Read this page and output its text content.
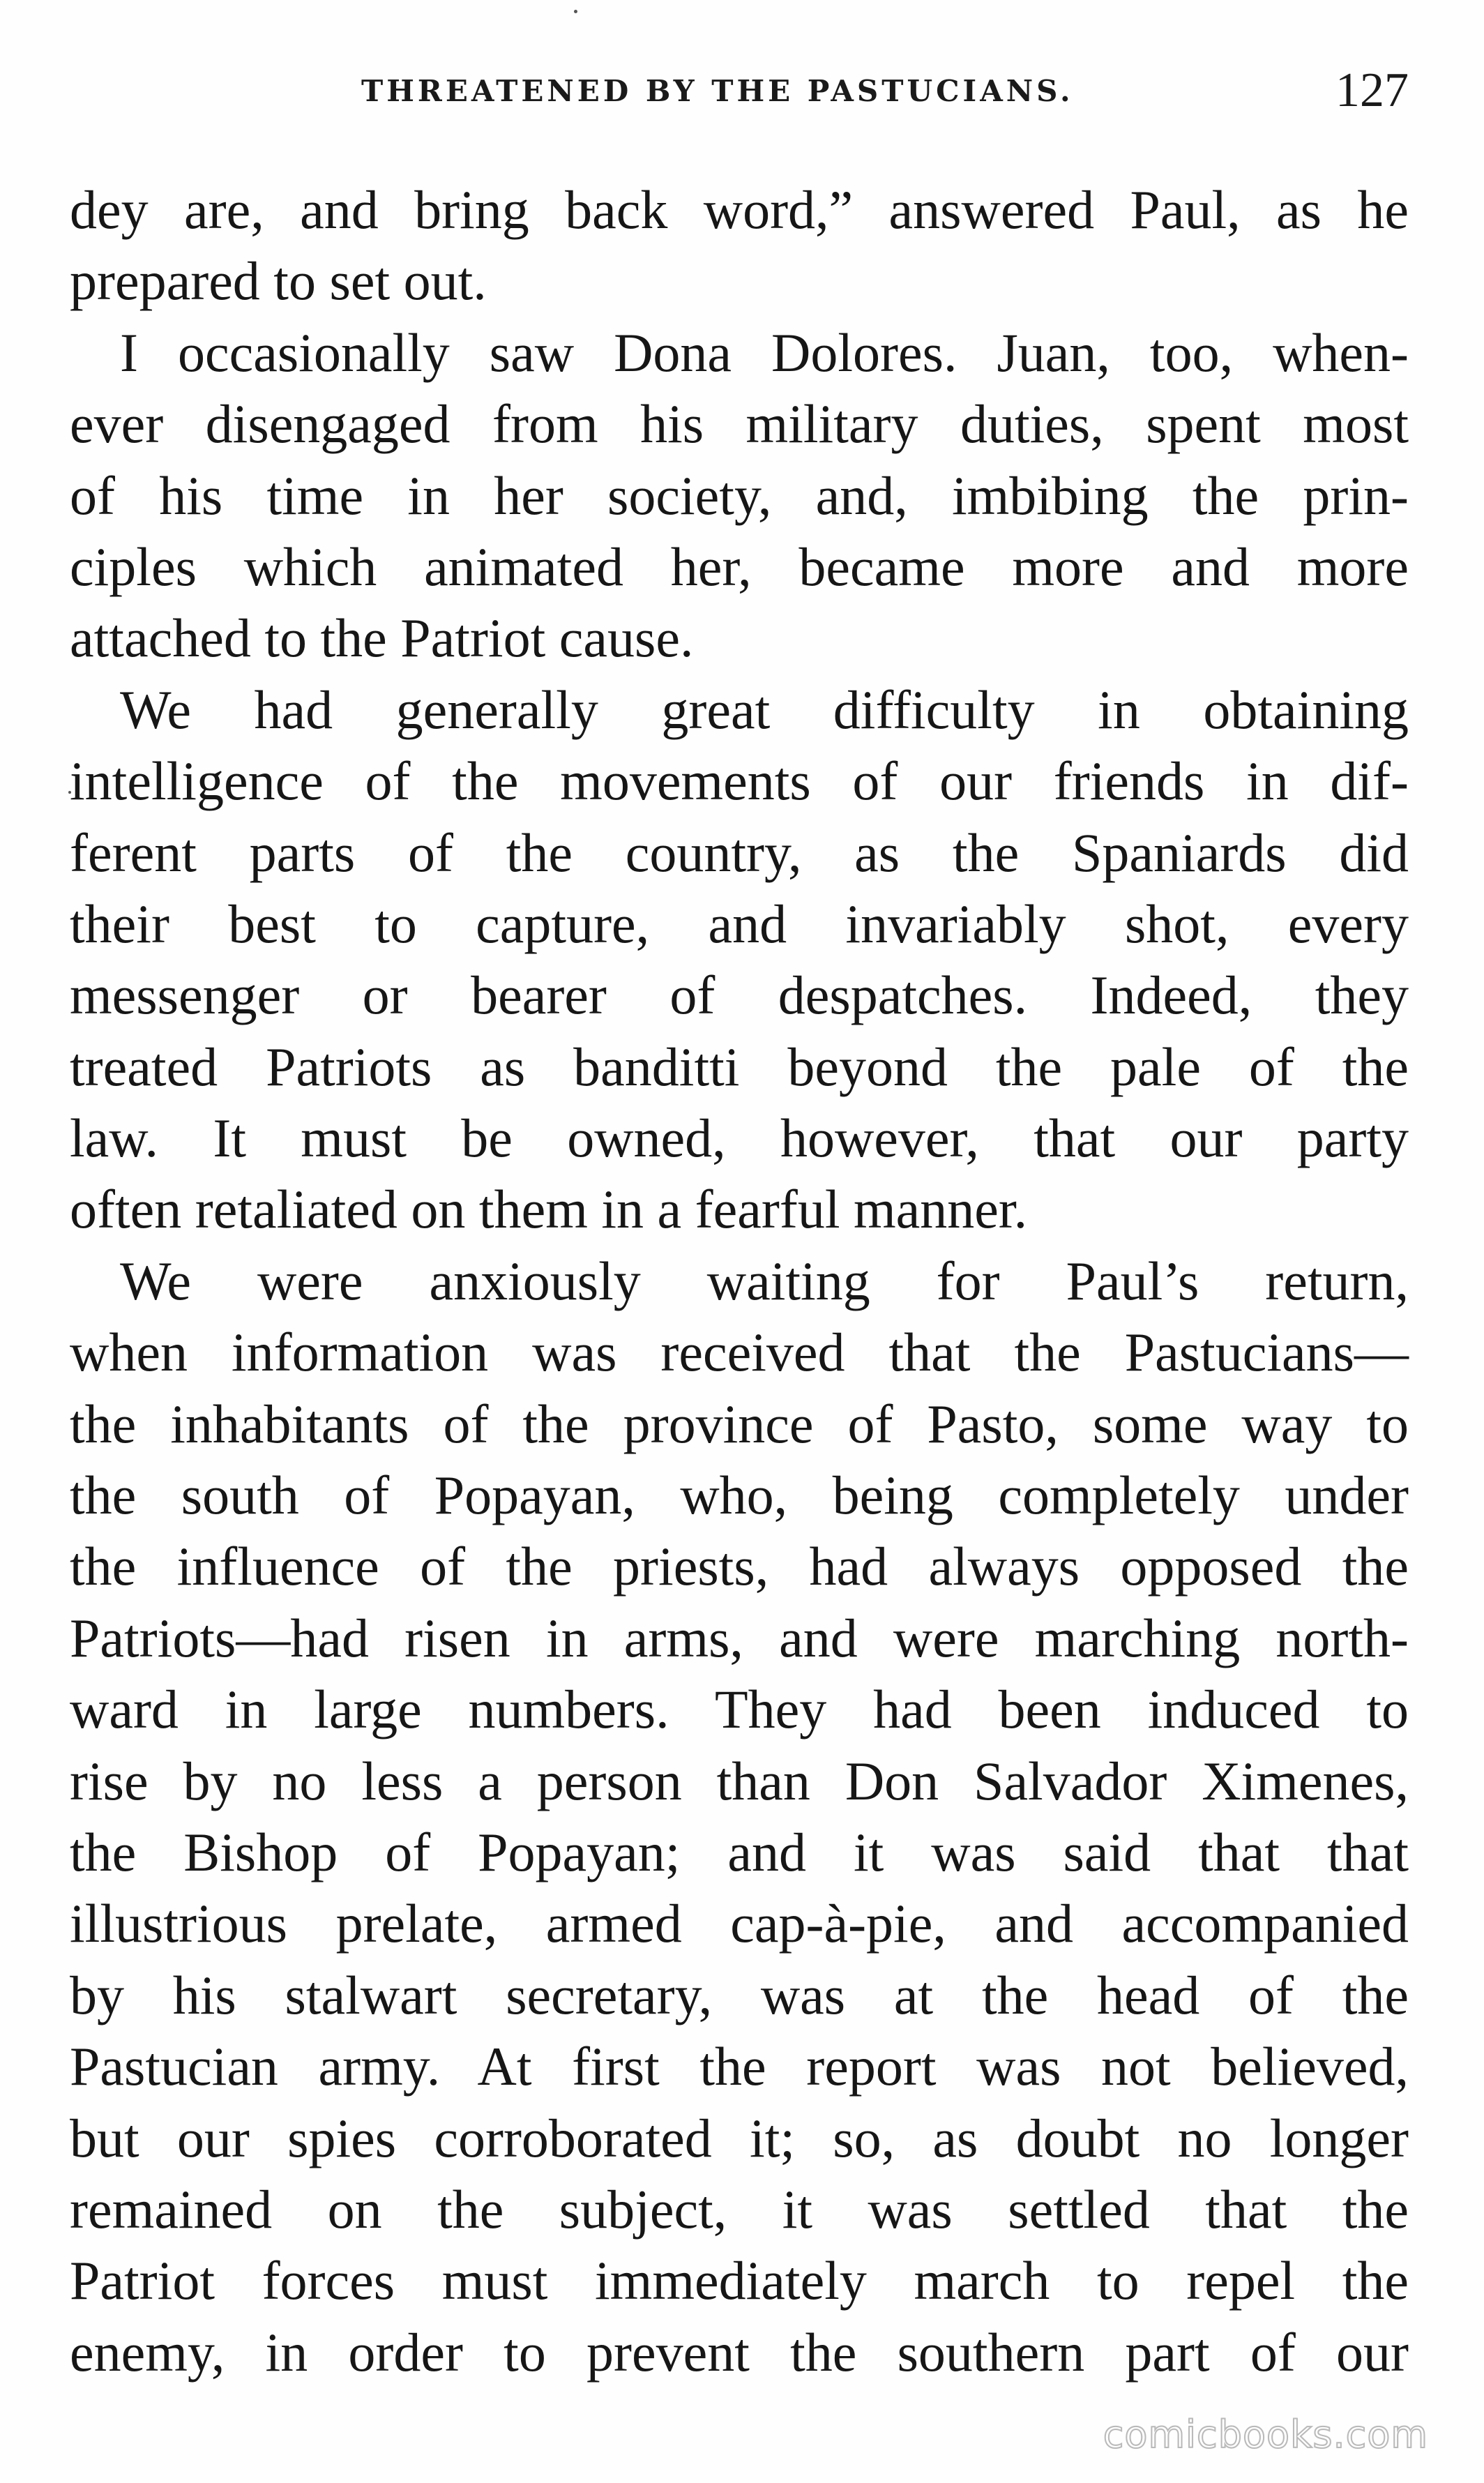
THREATENED BY THE PASTUCIANS.	127
dey are, and bring back word,” answered Paul, as he
prepared to set out.
I occasionally saw Dona Dolores. Juan, too, when-
ever disengaged from his military duties, spent most
of his time in her society, and, imbibing the prin-
ciples which animated her, became more and more
attached to the Patriot cause.
We had generally great difficulty in obtaining
intelligence of the movements of our friends in dif-
ferent parts of the country, as the Spaniards did
their best to capture, and invariably shot, every
messenger or bearer of despatches. Indeed, they
treated Patriots as banditti beyond the pale of the
law. It must be owned, however, that our party
often retaliated on them in a fearful manner.
We were anxiously waiting for Paul’s return,
when information was received that the Pastucians—
the inhabitants of the province of Pasto, some way to
the south of Popayan, who, being completely under
the influence of the priests, had always opposed the
Patriots—had risen in arms, and were marching north-
ward in large numbers. They had been induced to
rise by no less a person than Don Salvador Ximenes,
the Bishop of Popayan; and it was said that that
illustrious prelate, armed cap-à-pie, and accompanied
by his stalwart secretary, was at the head of the
Pastucian army. At first the report was not believed,
but our spies corroborated it; so, as doubt no longer
remained on the subject, it was settled that the
Patriot forces must immediately march to repel the
enemy, in order to prevent the southern part of our
comicbooks.com
